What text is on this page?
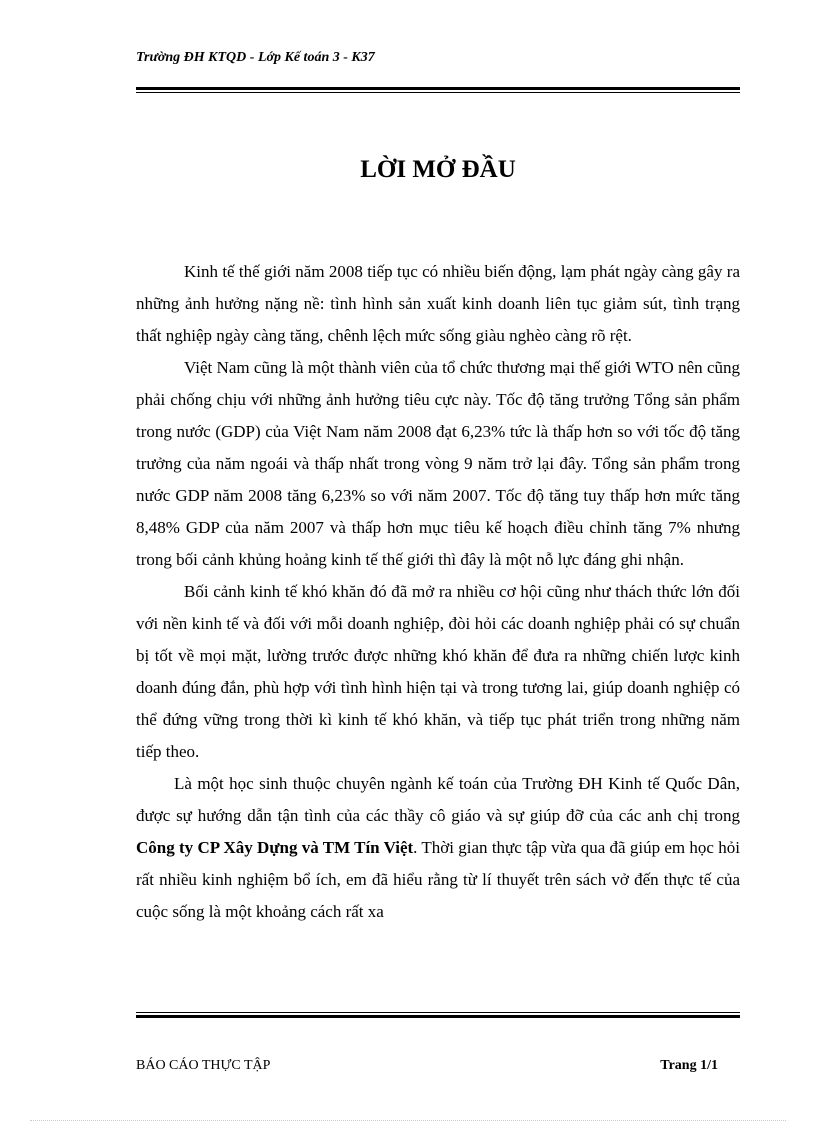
Trường ĐH KTQD - Lớp Kế toán 3 - K37
LỜI MỞ ĐẦU

Kinh tế thế giới năm 2008 tiếp tục có nhiều biến động, lạm phát ngày càng gây ra những ảnh hưởng nặng nề: tình hình sản xuất kinh doanh liên tục giảm sút, tình trạng thất nghiệp ngày càng tăng, chênh lệch mức sống giàu nghèo càng rõ rệt.

Việt Nam cũng là một thành viên của tổ chức thương mại thế giới WTO nên cũng phải chống chịu với những ảnh hưởng tiêu cực này. Tốc độ tăng trưởng Tổng sản phẩm trong nước (GDP) của Việt Nam năm 2008 đạt 6,23% tức là thấp hơn so với tốc độ tăng trưởng của năm ngoái và thấp nhất trong vòng 9 năm trở lại đây. Tổng sản phẩm trong nước GDP năm 2008 tăng 6,23% so với năm 2007. Tốc độ tăng tuy thấp hơn mức tăng 8,48% GDP của năm 2007 và thấp hơn mục tiêu kế hoạch điều chỉnh tăng 7% nhưng trong bối cảnh khủng hoảng kinh tế thế giới thì đây là một nỗ lực đáng ghi nhận.

Bối cảnh kinh tế khó khăn đó đã mở ra nhiều cơ hội cũng như thách thức lớn đối với nền kinh tế và đối với mỗi doanh nghiệp, đòi hỏi các doanh nghiệp phải có sự chuẩn bị tốt về mọi mặt, lường trước được những khó khăn để đưa ra những chiến lược kinh doanh đúng đắn, phù hợp với tình hình hiện tại và trong tương lai, giúp doanh nghiệp có thể đứng vững trong thời kì kinh tế khó khăn, và tiếp tục phát triển trong những năm tiếp theo.

Là một học sinh thuộc chuyên ngành kế toán của Trường ĐH Kinh tế Quốc Dân, được sự hướng dẫn tận tình của các thầy cô giáo và sự giúp đỡ của các anh chị trong Công ty CP Xây Dựng và TM Tín Việt. Thời gian thực tập vừa qua đã giúp em học hỏi rất nhiều kinh nghiệm bổ ích, em đã hiểu rằng từ lí thuyết trên sách vở đến thực tế của cuộc sống là một khoảng cách rất xa

BÁO CÁO THỰC TẬP	Trang 1/1
